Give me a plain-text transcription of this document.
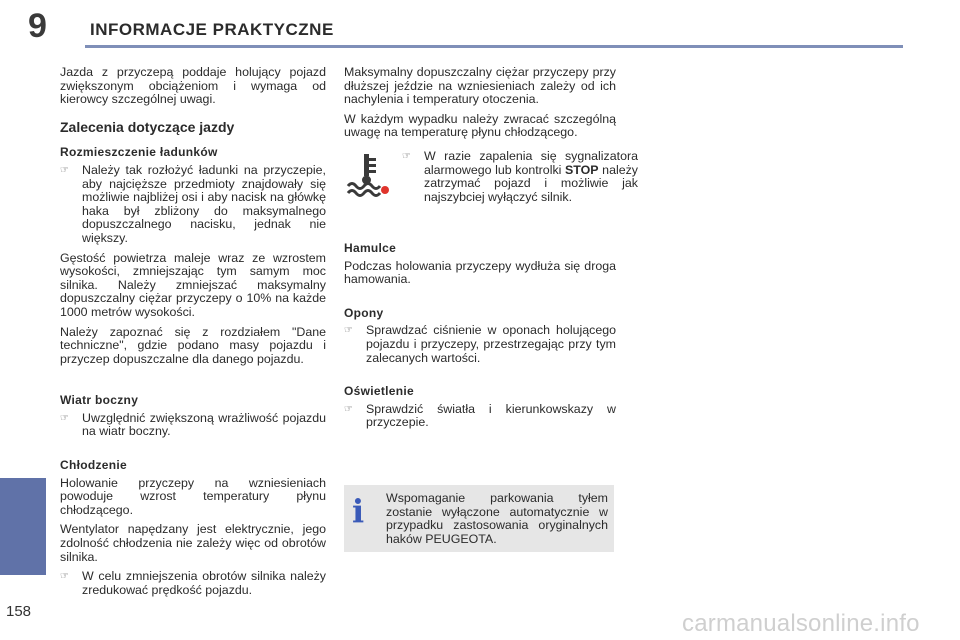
9	INFORMACJE PRAKTYCZNE
158

Jazda z przyczepą poddaje holujący pojazd zwiększonym obciążeniom i wymaga od kierowcy szczególnej uwagi.

Zalecenia dotyczące jazdy
Rozmieszczenie ładunków
☞ Należy tak rozłożyć ładunki na przyczepie, aby najcięższe przedmioty znajdowały się możliwie najbliżej osi i aby nacisk na główkę haka był zbliżony do maksymalnego dopuszczalnego nacisku, jednak nie większy.

Gęstość powietrza maleje wraz ze wzrostem wysokości, zmniejszając tym samym moc silnika. Należy zmniejszać maksymalny dopuszczalny ciężar przyczepy o 10% na każde 1000 metrów wysokości.

Należy zapoznać się z rozdziałem "Dane techniczne", gdzie podano masy pojazdu i przyczep dopuszczalne dla danego pojazdu.

Wiatr boczny
☞ Uwzględnić zwiększoną wrażliwość pojazdu na wiatr boczny.
Chłodzenie

Holowanie przyczepy na wzniesieniach powoduje wzrost temperatury płynu chłodzącego.

Wentylator napędzany jest elektrycznie, jego zdolność chłodzenia nie zależy więc od obrotów silnika.

☞ W celu zmniejszenia obrotów silnika należy zredukować prędkość pojazdu.

Maksymalny dopuszczalny ciężar przyczepy przy dłuższej jeździe na wzniesieniach zależy od ich nachylenia i temperatury otoczenia.

W każdym wypadku należy zwracać szczególną uwagę na temperaturę płynu chłodzącego.

☞ W razie zapalenia się sygnalizatora alarmowego lub kontrolki STOP należy zatrzymać pojazd i możliwie jak najszybciej wyłączyć silnik.
Hamulce

Podczas holowania przyczepy wydłuża się droga hamowania.

Opony
☞ Sprawdzać ciśnienie w oponach holującego pojazdu i przyczepy, przestrzegając przy tym zalecanych wartości.
Oświetlenie
☞ Sprawdzić światła i kierunkowskazy w przyczepie.
i	Wspomaganie parkowania tyłem zostanie wyłączone automatycznie w przypadku zastosowania oryginalnych haków PEUGEOTA.
carmanualsonline.info
